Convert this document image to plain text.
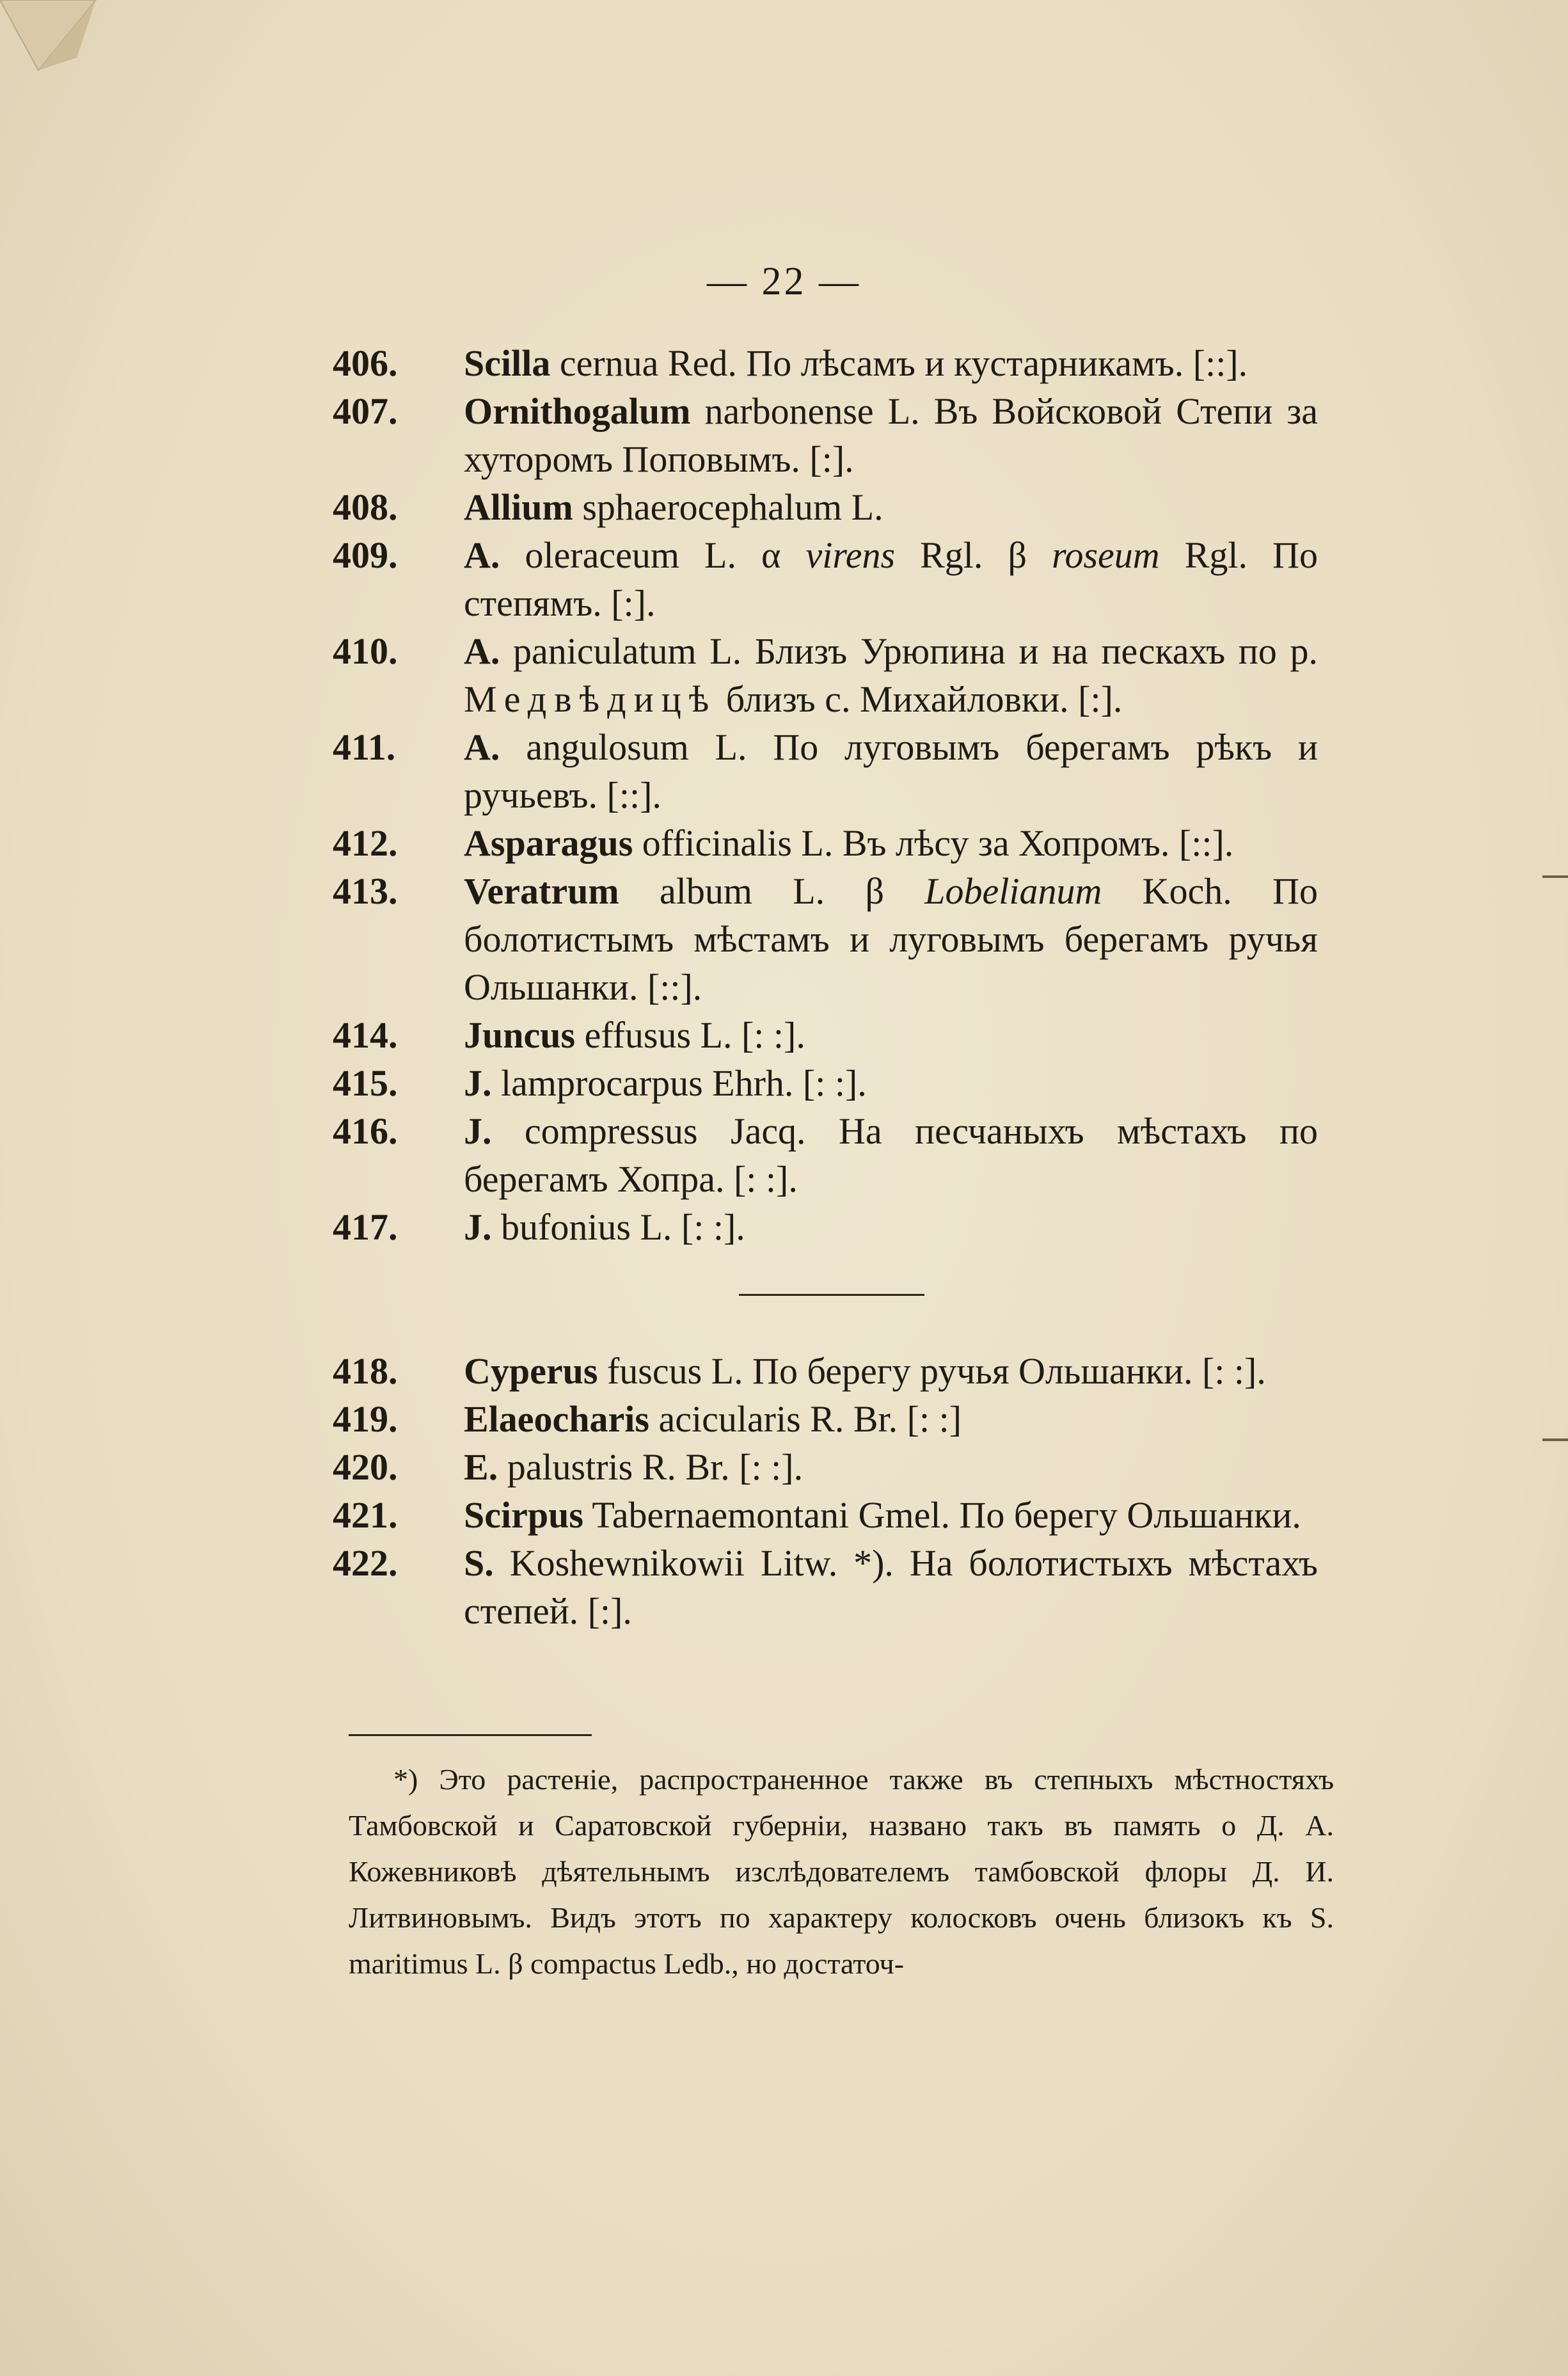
— 22 —
406. Scilla cernua Red. По лѣсамъ и кустарникамъ. [::].
407. Ornithogalum narbonense L. Въ Войсковой Степи за хуторомъ Поповымъ. [:].
408. Allium sphaerocephalum L.
409. A. oleraceum L. α virens Rgl. β roseum Rgl. По степямъ. [:].
410. A. paniculatum L. Близъ Урюпина и на пескахъ по р. Медвѣдицѣ близъ с. Михайловки. [:].
411. A. angulosum L. По луговымъ берегамъ рѣкъ и ручьевъ. [::].
412. Asparagus officinalis L. Въ лѣсу за Хопромъ. [::].
413. Veratrum album L. β Lobelianum Koch. По болотистымъ мѣстамъ и луговымъ берегамъ ручья Ольшанки. [::].
414. Juncus effusus L. [: :].
415. J. lamprocarpus Ehrh. [: :].
416. J. compressus Jacq. На песчаныхъ мѣстахъ по берегамъ Хопра. [: :].
417. J. bufonius L. [: :].
418. Cyperus fuscus L. По берегу ручья Ольшанки. [: :].
419. Elaeocharis acicularis R. Br. [: :]
420. E. palustris R. Br. [: :].
421. Scirpus Tabernaemontani Gmel. По берегу Ольшанки.
422. S. Koshewnikowii Litw. *). На болотистыхъ мѣстахъ степей. [:].
*) Это растеніе, распространенное также въ степныхъ мѣстностяхъ Тамбовской и Саратовской губерніи, названо такъ въ память о Д. А. Кожевниковѣ дѣятельнымъ изслѣдователемъ тамбовской флоры Д. И. Литвиновымъ. Видъ этотъ по характеру колосковъ очень близокъ къ S. maritimus L. β compactus Ledb., но достаточ-
